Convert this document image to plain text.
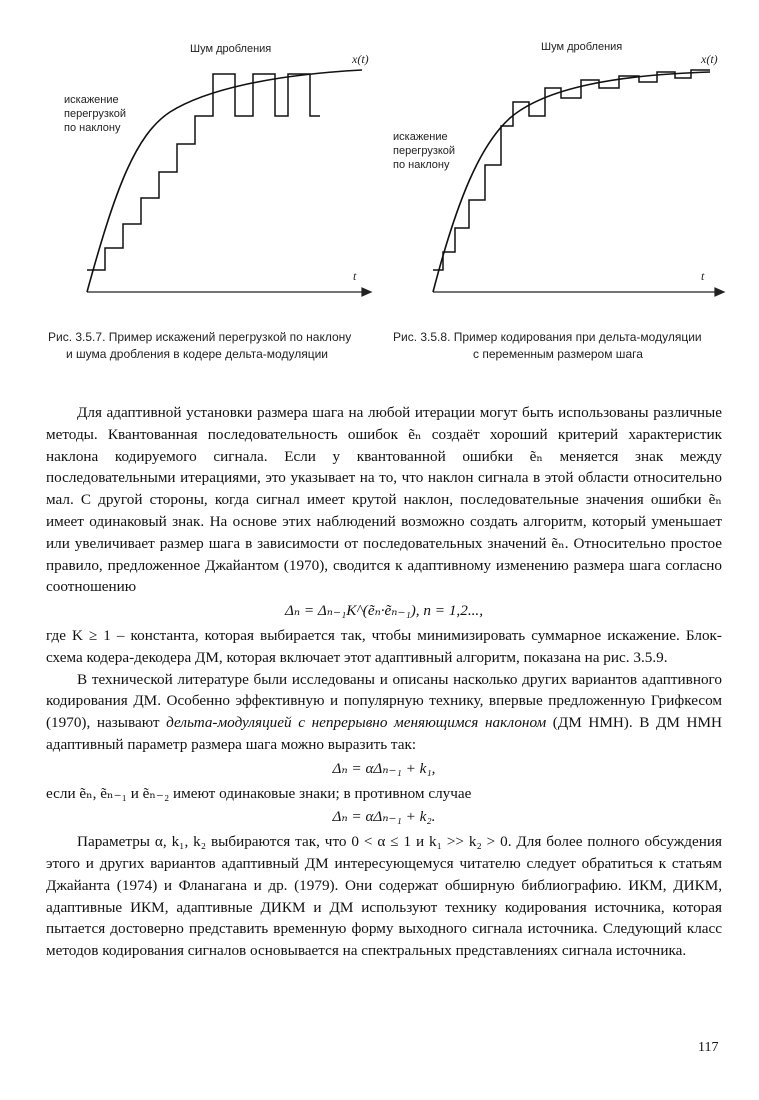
Шум дробления
x(t)
t
искажение
перегрузкой
по наклону
Шум дробления
x(t)
t
искажение
перегрузкой
по наклону
Рис. 3.5.7. Пример искажений перегрузкой по наклону
и шума дробления в кодере дельта-модуляции
Рис. 3.5.8. Пример кодирования при дельта-модуляции
с переменным размером шага

Для адаптивной установки размера шага на любой итерации могут быть использованы различные методы. Квантованная последовательность ошибок ẽₙ создаёт хороший критерий характеристик наклона кодируемого сигнала. Если у квантованной ошибки ẽₙ меняется знак между последовательными итерациями, это указывает на то, что наклон сигнала в этой области относительно мал. С другой стороны, когда сигнал имеет крутой наклон, последовательные значения ошибки ẽₙ имеет одинаковый знак. На основе этих наблюдений возможно создать алгоритм, который уменьшает или увеличивает размер шага в зависимости от последовательных значений ẽₙ. Относительно простое правило, предложенное Джайантом (1970), сводится к адаптивному изменению размера шага согласно соотношению

Δₙ = Δₙ₋₁K^(ẽₙ·ẽₙ₋₁), n = 1,2...,

где K ≥ 1 – константа, которая выбирается так, чтобы минимизировать суммарное искажение. Блок-схема кодера-декодера ДМ, которая включает этот адаптивный алгоритм, показана на рис. 3.5.9.

В технической литературе были исследованы и описаны насколько других вариантов адаптивного кодирования ДМ. Особенно эффективную и популярную технику, впервые предложенную Грифкесом (1970), называют дельта-модуляцией с непрерывно меняющимся наклоном (ДМ НМН). В ДМ НМН адаптивный параметр размера шага можно выразить так:

Δₙ = αΔₙ₋₁ + k₁,

если ẽₙ, ẽₙ₋₁ и ẽₙ₋₂ имеют одинаковые знаки; в противном случае

Δₙ = αΔₙ₋₁ + k₂.

Параметры α, k₁, k₂ выбираются так, что 0 < α ≤ 1 и k₁ >> k₂ > 0. Для более полного обсуждения этого и других вариантов адаптивный ДМ интересующемуся читателю следует обратиться к статьям Джайанта (1974) и Фланагана и др. (1979). Они содержат обширную библиографию. ИКМ, ДИКМ, адаптивные ИКМ, адаптивные ДИКМ и ДМ используют технику кодирования источника, которая пытается достоверно представить временную форму выходного сигнала источника. Следующий класс методов кодирования сигналов основывается на спектральных представлениях сигнала источника.

117
